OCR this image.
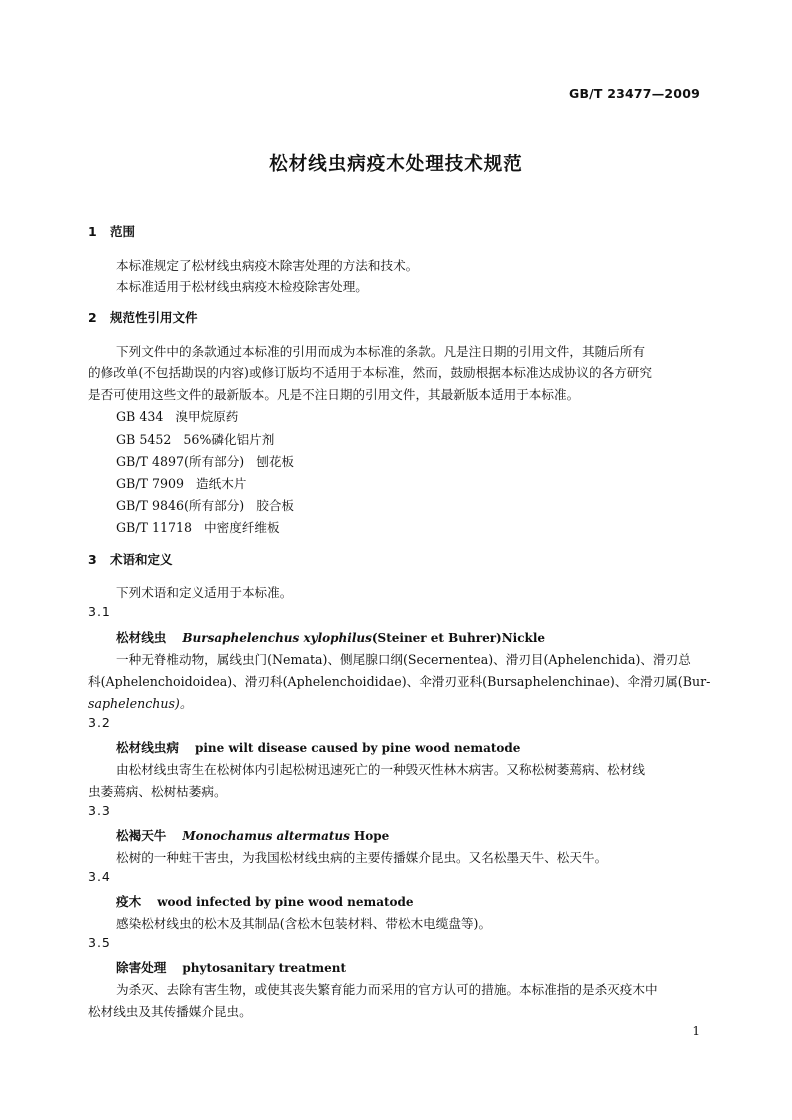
GB/T 23477—2009
松材线虫病疫木处理技术规范
1 范围
本标准规定了松材线虫病疫木除害处理的方法和技术。
本标准适用于松材线虫病疫木检疫除害处理。
2 规范性引用文件
下列文件中的条款通过本标准的引用而成为本标准的条款。凡是注日期的引用文件，其随后所有
的修改单(不包括勘误的内容)或修订版均不适用于本标准，然而，鼓励根据本标准达成协议的各方研究
是否可使用这些文件的最新版本。凡是不注日期的引用文件，其最新版本适用于本标准。
GB 434 溴甲烷原药
GB 5452 56%磷化铝片剂
GB/T 4897(所有部分) 刨花板
GB/T 7909 造纸木片
GB/T 9846(所有部分) 胶合板
GB/T 11718 中密度纤维板
3 术语和定义
下列术语和定义适用于本标准。
3.1
松材线虫 Bursaphelenchus xylophilus(Steiner et Buhrer)Nickle
一种无脊椎动物，属线虫门(Nemata)、侧尾腺口纲(Secernentea)、滑刃目(Aphelenchida)、滑刃总
科(Aphelenchoidoidea)、滑刃科(Aphelenchoididae)、伞滑刃亚科(Bursaphelenchinae)、伞滑刃属(Bur-
saphelenchus)。
3.2
松材线虫病 pine wilt disease caused by pine wood nematode
由松材线虫寄生在松树体内引起松树迅速死亡的一种毁灭性林木病害。又称松树萎蔫病、松材线
虫萎蔫病、松树枯萎病。
3.3
松褐天牛 Monochamus altermatus Hope
松树的一种蛀干害虫，为我国松材线虫病的主要传播媒介昆虫。又名松墨天牛、松天牛。
3.4
疫木 wood infected by pine wood nematode
感染松材线虫的松木及其制品(含松木包装材料、带松木电缆盘等)。
3.5
除害处理 phytosanitary treatment
为杀灭、去除有害生物，或使其丧失繁育能力而采用的官方认可的措施。本标准指的是杀灭疫木中
松材线虫及其传播媒介昆虫。
1
